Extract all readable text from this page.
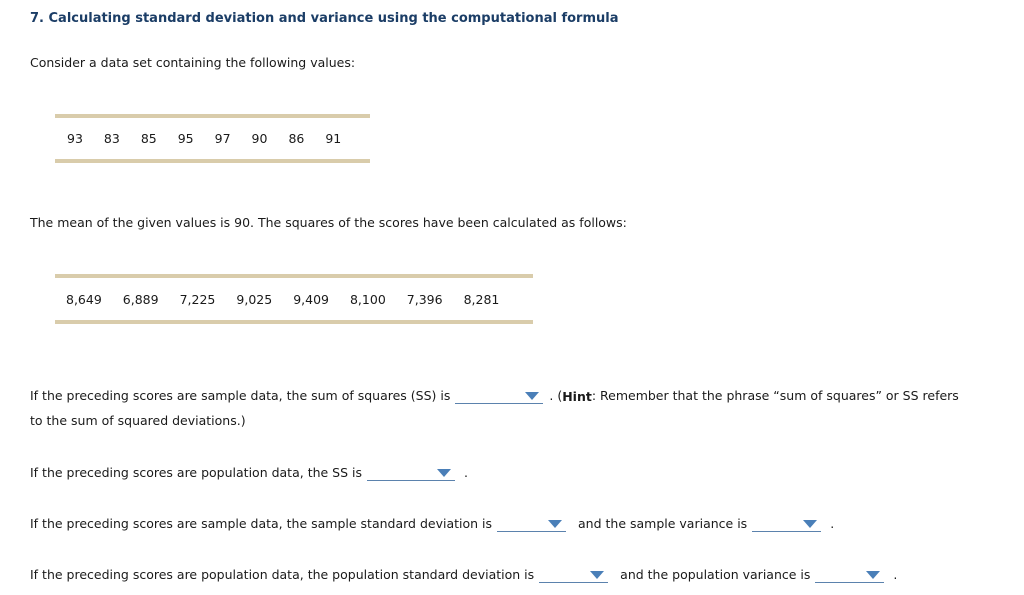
7. Calculating standard deviation and variance using the computational formula
Consider a data set containing the following values:
93 83 85 95 97 90 86 91
The mean of the given values is 90. The squares of the scores have been calculated as follows:
8,649 6,889 7,225 9,025 9,409 8,100 7,396 8,281
If the preceding scores are sample data, the sum of squares (SS) is	. ( Hint : Remember that the phrase “sum of squares” or SS refers
to the sum of squared deviations.)
If the preceding scores are population data, the SS is	.
If the preceding scores are sample data, the sample standard deviation is	and the sample variance is	.
If the preceding scores are population data, the population standard deviation is	and the population variance is	.
